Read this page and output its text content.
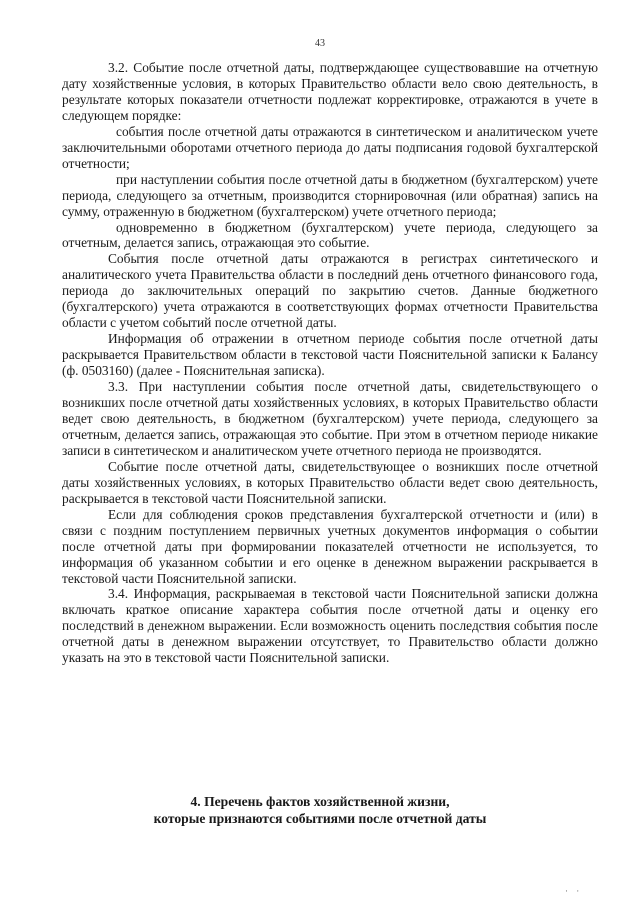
43

3.2. Событие после отчетной даты, подтверждающее существовавшие на отчетную дату хозяйственные условия, в которых Правительство области вело свою деятельность, в результате которых показатели отчетности подлежат корректировке, отражаются в учете в следующем порядке:

события после отчетной даты отражаются в синтетическом и аналитическом учете заключительными оборотами отчетного периода до даты подписания годовой бухгалтерской отчетности;

при наступлении события после отчетной даты в бюджетном (бухгалтерском) учете периода, следующего за отчетным, производится сторнировочная (или обратная) запись на сумму, отраженную в бюджетном (бухгалтерском) учете отчетного периода;

одновременно в бюджетном (бухгалтерском) учете периода, следующего за отчетным, делается запись, отражающая это событие.

События после отчетной даты отражаются в регистрах синтетического и аналитического учета Правительства области в последний день отчетного финансового года, периода до заключительных операций по закрытию счетов. Данные бюджетного (бухгалтерского) учета отражаются в соответствующих формах отчетности Правительства области с учетом событий после отчетной даты.

Информация об отражении в отчетном периоде события после отчетной даты раскрывается Правительством области в текстовой части Пояснительной записки к Балансу (ф. 0503160) (далее - Пояснительная записка).

3.3. При наступлении события после отчетной даты, свидетельствующего о возникших после отчетной даты хозяйственных условиях, в которых Правительство области ведет свою деятельность, в бюджетном (бухгалтерском) учете периода, следующего за отчетным, делается запись, отражающая это событие. При этом в отчетном периоде никакие записи в синтетическом и аналитическом учете отчетного периода не производятся.

Событие после отчетной даты, свидетельствующее о возникших после отчетной даты хозяйственных условиях, в которых Правительство области ведет свою деятельность, раскрывается в текстовой части Пояснительной записки.

Если для соблюдения сроков представления бухгалтерской отчетности и (или) в связи с поздним поступлением первичных учетных документов информация о событии после отчетной даты при формировании показателей отчетности не используется, то информация об указанном событии и его оценке в денежном выражении раскрывается в текстовой части Пояснительной записки.

3.4. Информация, раскрываемая в текстовой части Пояснительной записки должна включать краткое описание характера события после отчетной даты и оценку его последствий в денежном выражении. Если возможность оценить последствия события после отчетной даты в денежном выражении отсутствует, то Правительство области должно указать на это в текстовой части Пояснительной записки.

4. Перечень фактов хозяйственной жизни,
которые признаются событиями после отчетной даты
· ·
